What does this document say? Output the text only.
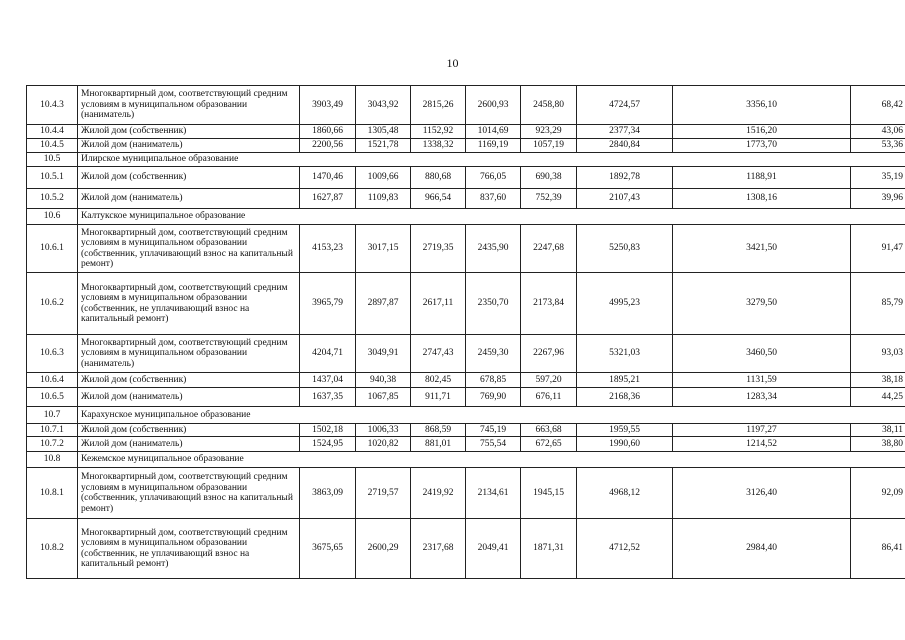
10
10.4.3	Многоквартирный дом, соответствующий средним условиям в муниципальном образовании (наниматель)	3903,49	3043,92	2815,26	2600,93	2458,80	4724,57	3356,10	68,42
10.4.4	Жилой дом (собственник)	1860,66	1305,48	1152,92	1014,69	923,29	2377,34	1516,20	43,06
10.4.5	Жилой дом (наниматель)	2200,56	1521,78	1338,32	1169,19	1057,19	2840,84	1773,70	53,36
10.5	Илирское муниципальное образование								
10.5.1	Жилой дом (собственник)	1470,46	1009,66	880,68	766,05	690,38	1892,78	1188,91	35,19
10.5.2	Жилой дом (наниматель)	1627,87	1109,83	966,54	837,60	752,39	2107,43	1308,16	39,96
10.6	Калтукское муниципальное образование								
10.6.1	Многоквартирный дом, соответствующий средним условиям в муниципальном образовании (собственник, уплачивающий взнос на капитальный ремонт)	4153,23	3017,15	2719,35	2435,90	2247,68	5250,83	3421,50	91,47
10.6.2	Многоквартирный дом, соответствующий средним условиям в муниципальном образовании (собственник, не уплачивающий взнос на капитальный ремонт)	3965,79	2897,87	2617,11	2350,70	2173,84	4995,23	3279,50	85,79
10.6.3	Многоквартирный дом, соответствующий средним условиям в муниципальном образовании (наниматель)	4204,71	3049,91	2747,43	2459,30	2267,96	5321,03	3460,50	93,03
10.6.4	Жилой дом (собственник)	1437,04	940,38	802,45	678,85	597,20	1895,21	1131,59	38,18
10.6.5	Жилой дом (наниматель)	1637,35	1067,85	911,71	769,90	676,11	2168,36	1283,34	44,25
10.7	Карахунское муниципальное образование								
10.7.1	Жилой дом (собственник)	1502,18	1006,33	868,59	745,19	663,68	1959,55	1197,27	38,11
10.7.2	Жилой дом (наниматель)	1524,95	1020,82	881,01	755,54	672,65	1990,60	1214,52	38,80
10.8	Кежемское муниципальное образование								
10.8.1	Многоквартирный дом, соответствующий средним условиям в муниципальном образовании (собственник, уплачивающий взнос на капитальный ремонт)	3863,09	2719,57	2419,92	2134,61	1945,15	4968,12	3126,40	92,09
10.8.2	Многоквартирный дом, соответствующий средним условиям в муниципальном образовании (собственник, не уплачивающий взнос на капитальный ремонт)	3675,65	2600,29	2317,68	2049,41	1871,31	4712,52	2984,40	86,41
